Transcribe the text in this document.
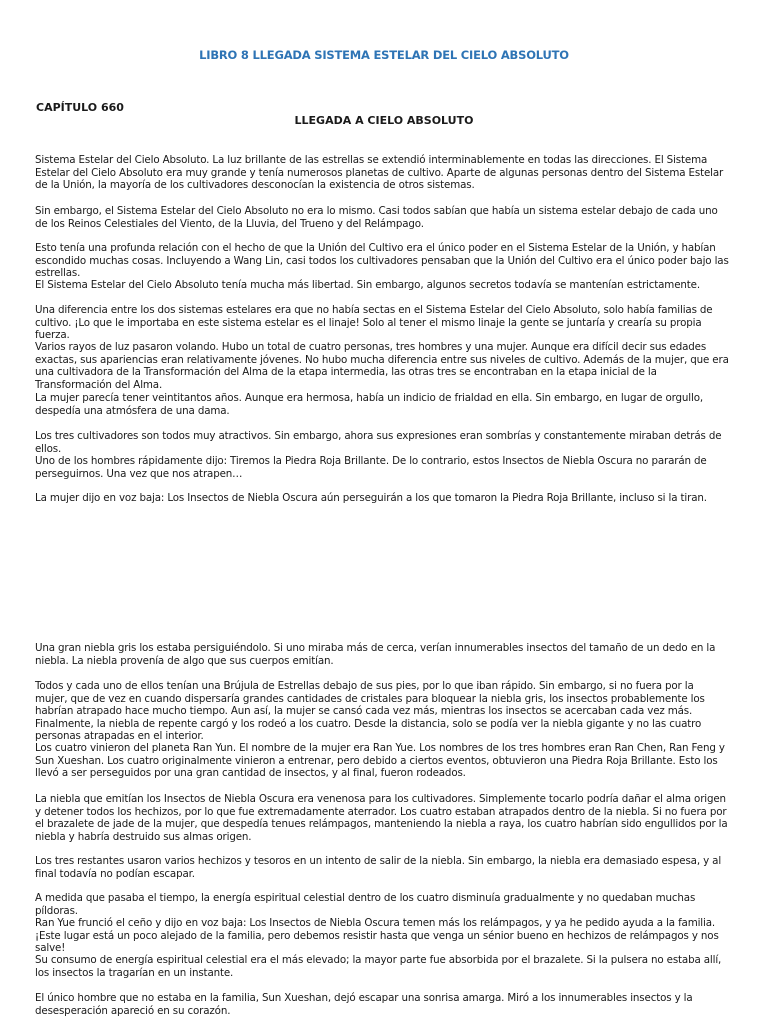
LIBRO 8 LLEGADA SISTEMA ESTELAR DEL CIELO ABSOLUTO
CAPÍTULO 660
LLEGADA A CIELO ABSOLUTO

Sistema Estelar del Cielo Absoluto. La luz brillante de las estrellas se extendió interminablemente en todas las direcciones. El Sistema Estelar del Cielo Absoluto era muy grande y tenía numerosos planetas de cultivo. Aparte de algunas personas dentro del Sistema Estelar de la Unión, la mayoría de los cultivadores desconocían la existencia de otros sistemas.

Sin embargo, el Sistema Estelar del Cielo Absoluto no era lo mismo. Casi todos sabían que había un sistema estelar debajo de cada uno de los Reinos Celestiales del Viento, de la Lluvia, del Trueno y del Relámpago.

Esto tenía una profunda relación con el hecho de que la Unión del Cultivo era el único poder en el Sistema Estelar de la Unión, y habían escondido muchas cosas. Incluyendo a Wang Lin, casi todos los cultivadores pensaban que la Unión del Cultivo era el único poder bajo las estrellas.

El Sistema Estelar del Cielo Absoluto tenía mucha más libertad. Sin embargo, algunos secretos todavía se mantenían estrictamente.

Una diferencia entre los dos sistemas estelares era que no había sectas en el Sistema Estelar del Cielo Absoluto, solo había familias de cultivo. ¡Lo que le importaba en este sistema estelar es el linaje! Solo al tener el mismo linaje la gente se juntaría y crearía su propia fuerza.

Varios rayos de luz pasaron volando. Hubo un total de cuatro personas, tres hombres y una mujer. Aunque era difícil decir sus edades exactas, sus apariencias eran relativamente jóvenes. No hubo mucha diferencia entre sus niveles de cultivo. Además de la mujer, que era una cultivadora de la Transformación del Alma de la etapa intermedia, las otras tres se encontraban en la etapa inicial de la Transformación del Alma.

La mujer parecía tener veintitantos años. Aunque era hermosa, había un indicio de frialdad en ella. Sin embargo, en lugar de orgullo, despedía una atmósfera de una dama.

Los tres cultivadores son todos muy atractivos. Sin embargo, ahora sus expresiones eran sombrías y constantemente miraban detrás de ellos.

Uno de los hombres rápidamente dijo: Tiremos la Piedra Roja Brillante. De lo contrario, estos Insectos de Niebla Oscura no pararán de perseguirnos. Una vez que nos atrapen…

La mujer dijo en voz baja: Los Insectos de Niebla Oscura aún perseguirán a los que tomaron la Piedra Roja Brillante, incluso si la tiran.

Una gran niebla gris los estaba persiguiéndolo. Si uno miraba más de cerca, verían innumerables insectos del tamaño de un dedo en la niebla. La niebla provenía de algo que sus cuerpos emitían.

Todos y cada uno de ellos tenían una Brújula de Estrellas debajo de sus pies, por lo que iban rápido. Sin embargo, si no fuera por la mujer, que de vez en cuando dispersaría grandes cantidades de cristales para bloquear la niebla gris, los insectos probablemente los habrían atrapado hace mucho tiempo. Aun así, la mujer se cansó cada vez más, mientras los insectos se acercaban cada vez más. Finalmente, la niebla de repente cargó y los rodeó a los cuatro. Desde la distancia, solo se podía ver la niebla gigante y no las cuatro personas atrapadas en el interior.

Los cuatro vinieron del planeta Ran Yun. El nombre de la mujer era Ran Yue. Los nombres de los tres hombres eran Ran Chen, Ran Feng y Sun Xueshan. Los cuatro originalmente vinieron a entrenar, pero debido a ciertos eventos, obtuvieron una Piedra Roja Brillante. Esto los llevó a ser perseguidos por una gran cantidad de insectos, y al final, fueron rodeados.

La niebla que emitían los Insectos de Niebla Oscura era venenosa para los cultivadores. Simplemente tocarlo podría dañar el alma origen y detener todos los hechizos, por lo que fue extremadamente aterrador. Los cuatro estaban atrapados dentro de la niebla. Si no fuera por el brazalete de jade de la mujer, que despedía tenues relámpagos, manteniendo la niebla a raya, los cuatro habrían sido engullidos por la niebla y habría destruido sus almas origen.

Los tres restantes usaron varios hechizos y tesoros en un intento de salir de la niebla. Sin embargo, la niebla era demasiado espesa, y al final todavía no podían escapar.

A medida que pasaba el tiempo, la energía espiritual celestial dentro de los cuatro disminuía gradualmente y no quedaban muchas píldoras.

Ran Yue frunció el ceño y dijo en voz baja: Los Insectos de Niebla Oscura temen más los relámpagos, y ya he pedido ayuda a la familia. ¡Este lugar está un poco alejado de la familia, pero debemos resistir hasta que venga un sénior bueno en hechizos de relámpagos y nos salve!

Su consumo de energía espiritual celestial era el más elevado; la mayor parte fue absorbida por el brazalete. Si la pulsera no estaba allí, los insectos la tragarían en un instante.

El único hombre que no estaba en la familia, Sun Xueshan, dejó escapar una sonrisa amarga. Miró a los innumerables insectos y la desesperación apareció en su corazón.
